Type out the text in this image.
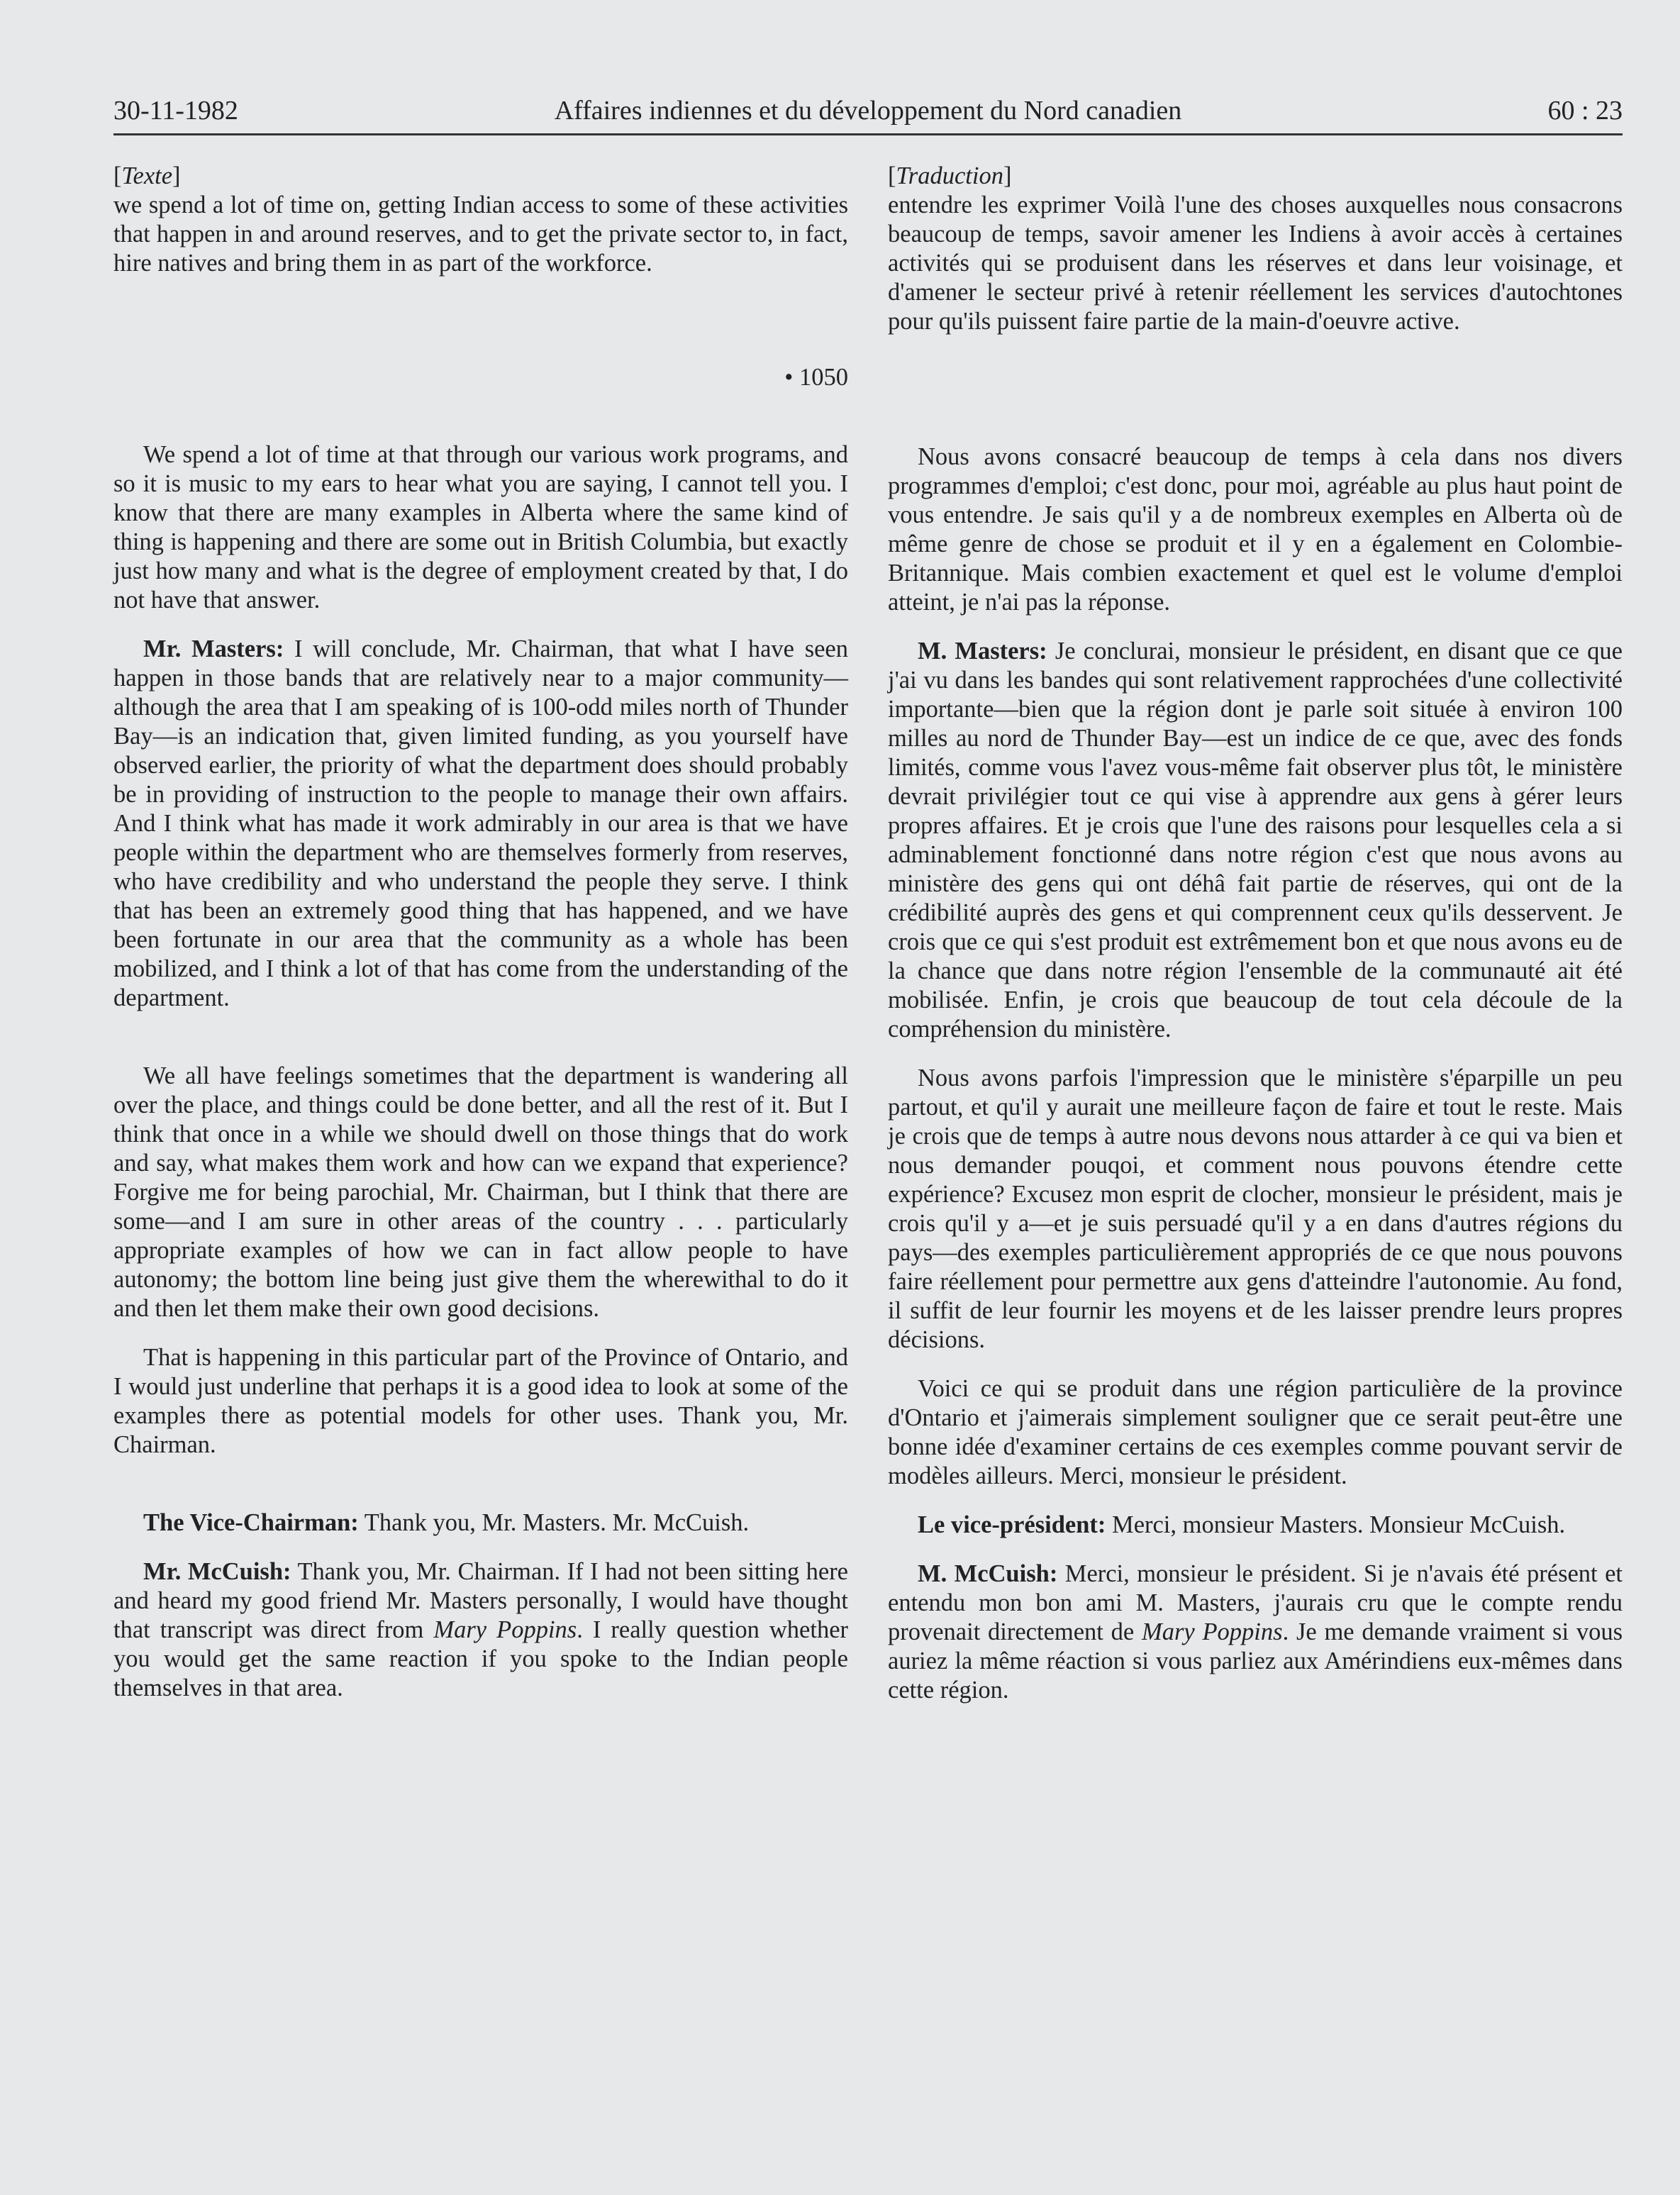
30-11-1982	Affaires indiennes et du développement du Nord canadien	60 : 23

[Texte]

we spend a lot of time on, getting Indian access to some of these activities that happen in and around reserves, and to get the private sector to, in fact, hire natives and bring them in as part of the workforce.

• 1050

We spend a lot of time at that through our various work programs, and so it is music to my ears to hear what you are saying, I cannot tell you. I know that there are many examples in Alberta where the same kind of thing is happening and there are some out in British Columbia, but exactly just how many and what is the degree of employment created by that, I do not have that answer.

Mr. Masters: I will conclude, Mr. Chairman, that what I have seen happen in those bands that are relatively near to a major community—although the area that I am speaking of is 100-odd miles north of Thunder Bay—is an indication that, given limited funding, as you yourself have observed earlier, the priority of what the department does should probably be in providing of instruction to the people to manage their own affairs. And I think what has made it work admirably in our area is that we have people within the department who are themselves formerly from reserves, who have credibility and who understand the people they serve. I think that has been an extremely good thing that has happened, and we have been fortunate in our area that the community as a whole has been mobilized, and I think a lot of that has come from the understanding of the department.

We all have feelings sometimes that the department is wandering all over the place, and things could be done better, and all the rest of it. But I think that once in a while we should dwell on those things that do work and say, what makes them work and how can we expand that experience? Forgive me for being parochial, Mr. Chairman, but I think that there are some—and I am sure in other areas of the country . . . particularly appropriate examples of how we can in fact allow people to have autonomy; the bottom line being just give them the wherewithal to do it and then let them make their own good decisions.

That is happening in this particular part of the Province of Ontario, and I would just underline that perhaps it is a good idea to look at some of the examples there as potential models for other uses. Thank you, Mr. Chairman.

The Vice-Chairman: Thank you, Mr. Masters. Mr. McCuish.

Mr. McCuish: Thank you, Mr. Chairman. If I had not been sitting here and heard my good friend Mr. Masters personally, I would have thought that transcript was direct from Mary Poppins. I really question whether you would get the same reaction if you spoke to the Indian people themselves in that area.

[Traduction]

entendre les exprimer Voilà l'une des choses auxquelles nous consacrons beaucoup de temps, savoir amener les Indiens à avoir accès à certaines activités qui se produisent dans les réserves et dans leur voisinage, et d'amener le secteur privé à retenir réellement les services d'autochtones pour qu'ils puissent faire partie de la main-d'oeuvre active.

Nous avons consacré beaucoup de temps à cela dans nos divers programmes d'emploi; c'est donc, pour moi, agréable au plus haut point de vous entendre. Je sais qu'il y a de nombreux exemples en Alberta où de même genre de chose se produit et il y en a également en Colombie-Britannique. Mais combien exactement et quel est le volume d'emploi atteint, je n'ai pas la réponse.

M. Masters: Je conclurai, monsieur le président, en disant que ce que j'ai vu dans les bandes qui sont relativement rapprochées d'une collectivité importante—bien que la région dont je parle soit située à environ 100 milles au nord de Thunder Bay—est un indice de ce que, avec des fonds limités, comme vous l'avez vous-même fait observer plus tôt, le ministère devrait privilégier tout ce qui vise à apprendre aux gens à gérer leurs propres affaires. Et je crois que l'une des raisons pour lesquelles cela a si adminablement fonctionné dans notre région c'est que nous avons au ministère des gens qui ont déhâ fait partie de réserves, qui ont de la crédibilité auprès des gens et qui comprennent ceux qu'ils desservent. Je crois que ce qui s'est produit est extrêmement bon et que nous avons eu de la chance que dans notre région l'ensemble de la communauté ait été mobilisée. Enfin, je crois que beaucoup de tout cela découle de la compréhension du ministère.

Nous avons parfois l'impression que le ministère s'éparpille un peu partout, et qu'il y aurait une meilleure façon de faire et tout le reste. Mais je crois que de temps à autre nous devons nous attarder à ce qui va bien et nous demander pouqoi, et comment nous pouvons étendre cette expérience? Excusez mon esprit de clocher, monsieur le président, mais je crois qu'il y a—et je suis persuadé qu'il y a en dans d'autres régions du pays—des exemples particulièrement appropriés de ce que nous pouvons faire réellement pour permettre aux gens d'atteindre l'autonomie. Au fond, il suffit de leur fournir les moyens et de les laisser prendre leurs propres décisions.

Voici ce qui se produit dans une région particulière de la province d'Ontario et j'aimerais simplement souligner que ce serait peut-être une bonne idée d'examiner certains de ces exemples comme pouvant servir de modèles ailleurs. Merci, monsieur le président.

Le vice-président: Merci, monsieur Masters. Monsieur McCuish.

M. McCuish: Merci, monsieur le président. Si je n'avais été présent et entendu mon bon ami M. Masters, j'aurais cru que le compte rendu provenait directement de Mary Poppins. Je me demande vraiment si vous auriez la même réaction si vous parliez aux Amérindiens eux-mêmes dans cette région.
